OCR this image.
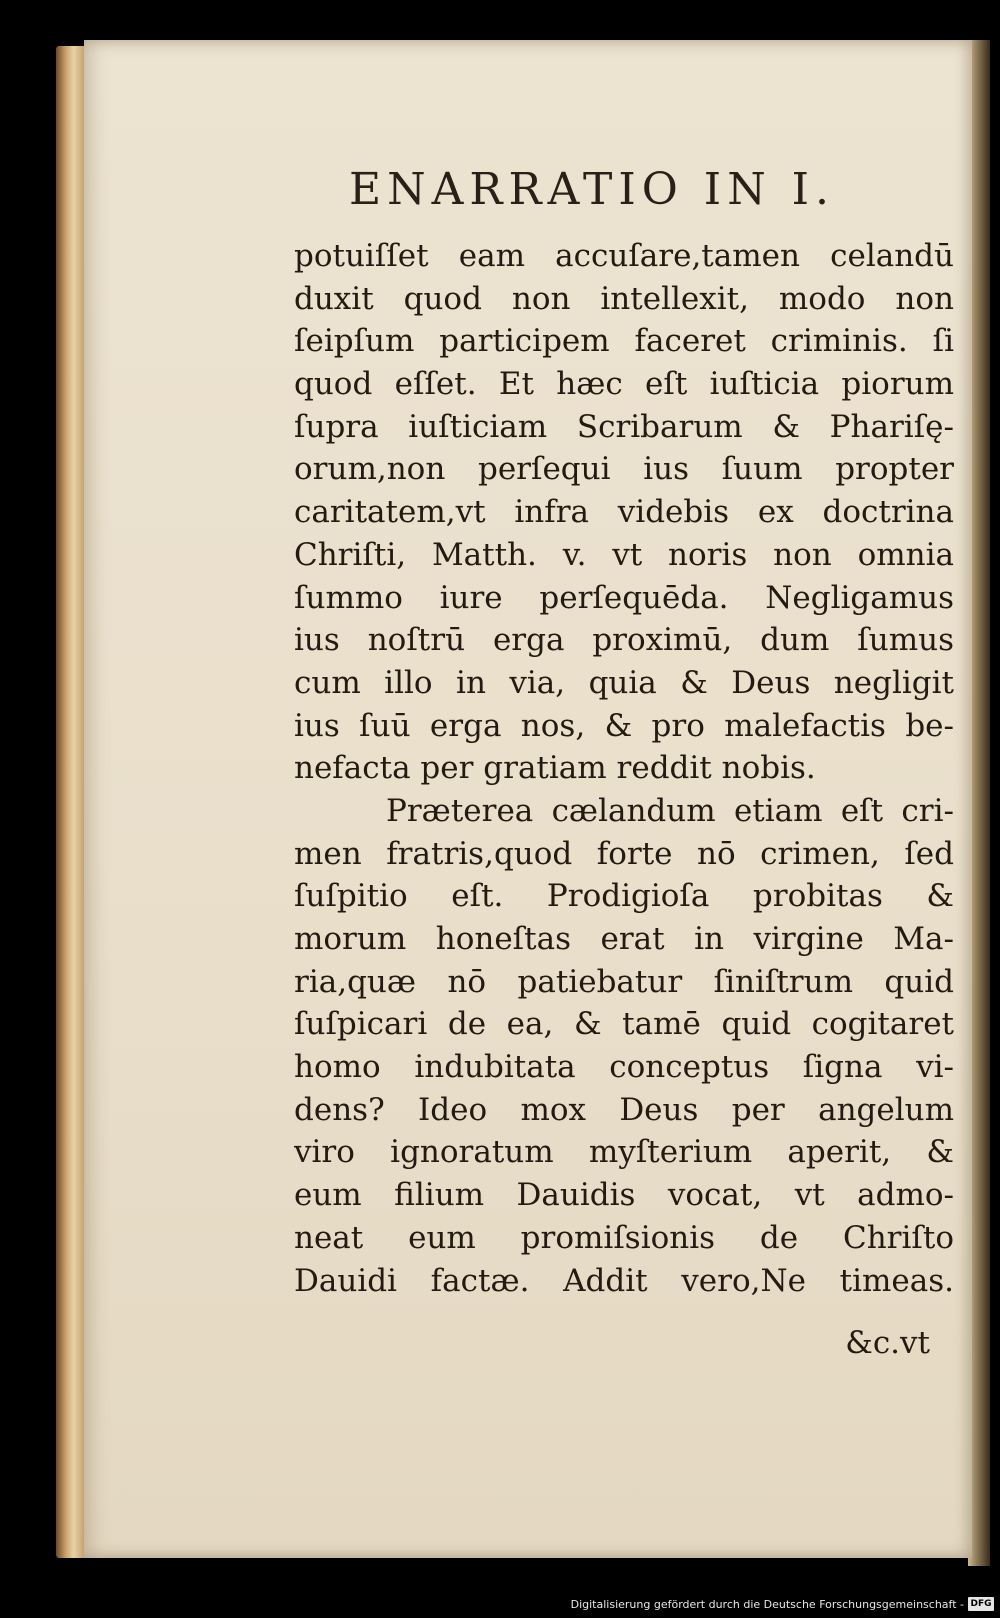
ENARRATIO IN I.
potuiſſet eam accuſare,tamen celandū
duxit quod non intellexit, modo non
ſeipſum participem faceret criminis. ſi
quod eſſet. Et hæc eſt iuſticia piorum
ſupra iuſticiam Scribarum & Phariſę-
orum,non perſequi ius ſuum propter
caritatem,vt infra videbis ex doctrina
Chriſti, Matth. v. vt noris non omnia
ſummo iure perſequēda. Negligamus
ius noſtrū erga proximū, dum ſumus
cum illo in via, quia & Deus negligit
ius ſuū erga nos, & pro malefactis be-
nefacta per gratiam reddit nobis.
Præterea cælandum etiam eſt cri-
men fratris,quod forte nō crimen, ſed
ſuſpitio eſt. Prodigioſa probitas &
morum honeſtas erat in virgine Ma-
ria,quæ nō patiebatur ſiniſtrum quid
ſuſpicari de ea, & tamē quid cogitaret
homo indubitata conceptus ſigna vi-
dens? Ideo mox Deus per angelum
viro ignoratum myſterium aperit, &
eum filium Dauidis vocat, vt admo-
neat eum promiſsionis de Chriſto
Dauidi factæ. Addit vero,Ne timeas.
&c.vt
Digitalisierung gefördert durch die Deutsche Forschungsgemeinschaft - DFG
